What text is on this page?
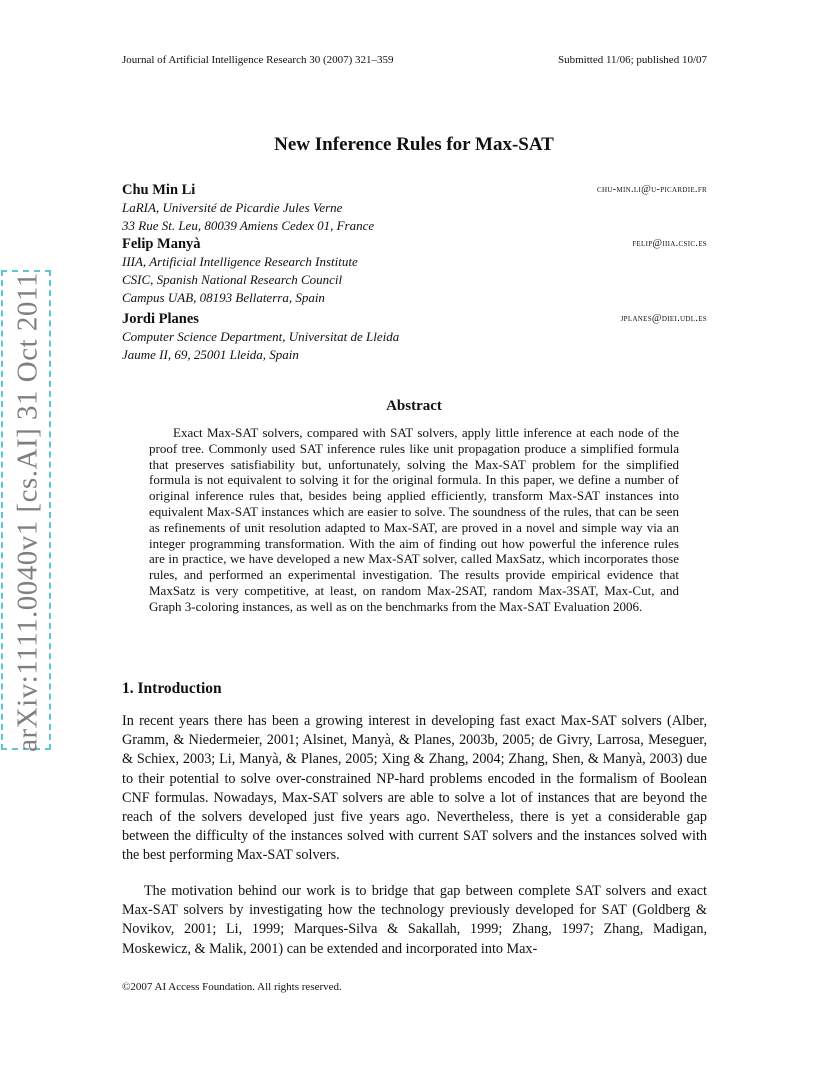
Journal of Artificial Intelligence Research 30 (2007) 321–359	Submitted 11/06; published 10/07
New Inference Rules for Max-SAT
Chu Min Li	chu-min.li@u-picardie.fr
LaRIA, Université de Picardie Jules Verne
33 Rue St. Leu, 80039 Amiens Cedex 01, France
Felip Manyà	felip@iiia.csic.es
IIIA, Artificial Intelligence Research Institute
CSIC, Spanish National Research Council
Campus UAB, 08193 Bellaterra, Spain
Jordi Planes	jplanes@diei.udl.es
Computer Science Department, Universitat de Lleida
Jaume II, 69, 25001 Lleida, Spain
Abstract
Exact Max-SAT solvers, compared with SAT solvers, apply little inference at each node of the proof tree. Commonly used SAT inference rules like unit propagation produce a simplified formula that preserves satisfiability but, unfortunately, solving the Max-SAT problem for the simplified formula is not equivalent to solving it for the original formula. In this paper, we define a number of original inference rules that, besides being applied efficiently, transform Max-SAT instances into equivalent Max-SAT instances which are easier to solve. The soundness of the rules, that can be seen as refinements of unit resolution adapted to Max-SAT, are proved in a novel and simple way via an integer programming transformation. With the aim of finding out how powerful the inference rules are in practice, we have developed a new Max-SAT solver, called MaxSatz, which incorporates those rules, and performed an experimental investigation. The results provide empirical evidence that MaxSatz is very competitive, at least, on random Max-2SAT, random Max-3SAT, Max-Cut, and Graph 3-coloring instances, as well as on the benchmarks from the Max-SAT Evaluation 2006.
1. Introduction
In recent years there has been a growing interest in developing fast exact Max-SAT solvers (Alber, Gramm, & Niedermeier, 2001; Alsinet, Manyà, & Planes, 2003b, 2005; de Givry, Larrosa, Meseguer, & Schiex, 2003; Li, Manyà, & Planes, 2005; Xing & Zhang, 2004; Zhang, Shen, & Manyà, 2003) due to their potential to solve over-constrained NP-hard problems encoded in the formalism of Boolean CNF formulas. Nowadays, Max-SAT solvers are able to solve a lot of instances that are beyond the reach of the solvers developed just five years ago. Nevertheless, there is yet a considerable gap between the difficulty of the instances solved with current SAT solvers and the instances solved with the best performing Max-SAT solvers.
The motivation behind our work is to bridge that gap between complete SAT solvers and exact Max-SAT solvers by investigating how the technology previously developed for SAT (Goldberg & Novikov, 2001; Li, 1999; Marques-Silva & Sakallah, 1999; Zhang, 1997; Zhang, Madigan, Moskewicz, & Malik, 2001) can be extended and incorporated into Max-
©2007 AI Access Foundation. All rights reserved.
arXiv:1111.0040v1 [cs.AI] 31 Oct 2011
